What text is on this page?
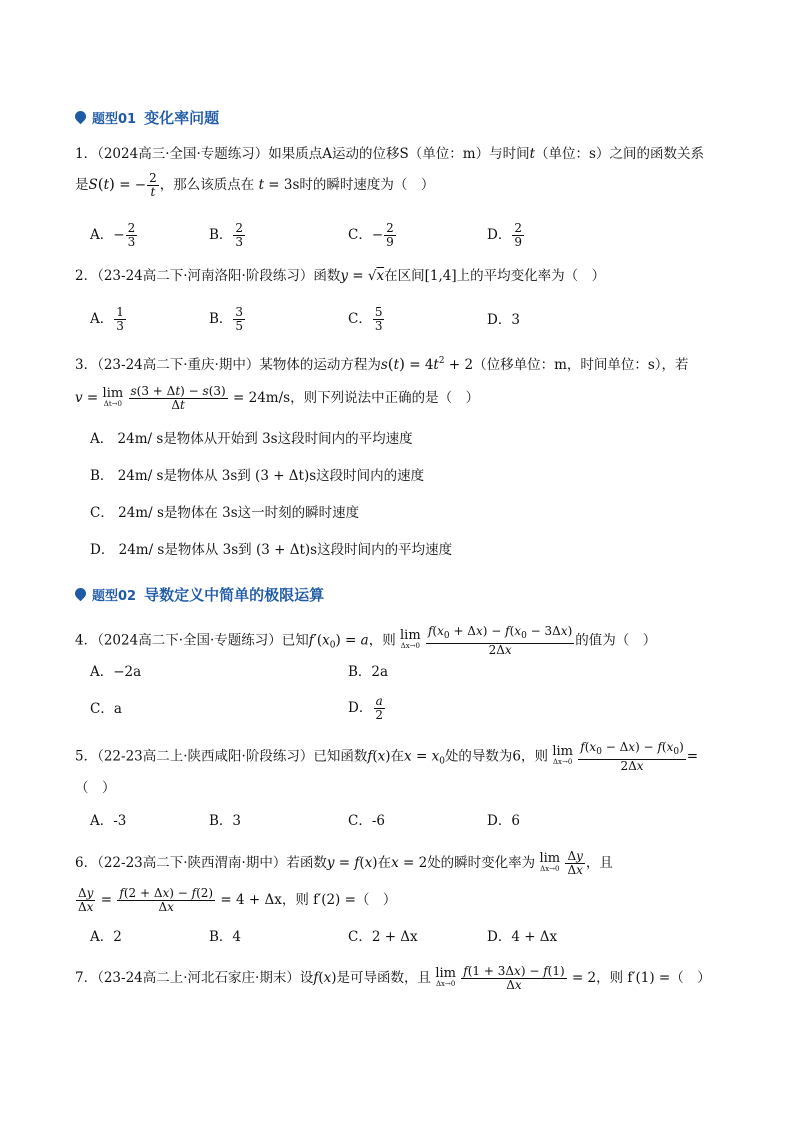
题型01 变化率问题
1．（2024高三·全国·专题练习）如果质点A运动的位移S（单位：m）与时间t（单位：s）之间的函数关系
是S(t) = − $\frac{2}{t}$ ，那么该质点在 t = 3s时的瞬时速度为（　）
A．− $\frac{2}{3}$	B． $\frac{2}{3}$	C．− $\frac{2}{9}$	D． $\frac{2}{9}$
2．（23-24高二下·河南洛阳·阶段练习）函数y = √x在区间[1,4]上的平均变化率为（　）
A． $\frac{1}{3}$	B． $\frac{3}{5}$	C． $\frac{5}{3}$	D．3
3．（23-24高二下·重庆·期中）某物体的运动方程为$s(t) = 4t^2 + 2$（位移单位：m，时间单位：s），若
v = lim
Δt→0
$\frac{s(3 + \Delta t) - s(3)}{\Delta t} = 24m/s$，则下列说法中正确的是（　）
A． 24m/ s是物体从开始到 3s这段时间内的平均速度
B． 24m/ s是物体从 3s到 (3 + Δt)s这段时间内的速度
C． 24m/ s是物体在 3s这一时刻的瞬时速度
D． 24m/ s是物体从 3s到 (3 + Δt)s这段时间内的平均速度
题型02 导数定义中简单的极限运算
4．（2024高二下·全国·专题练习）已知$f'(x_0) = a$，则 lim
Δx→0
$\frac{f(x_0 + \Delta x) - f(x_0 - 3\Delta x)}{2\Delta x}$ 的值为（　）
A．−2a	B．2a
C．a	D． $\frac{a}{2}$
5．（22-23高二上·陕西咸阳·阶段练习）已知函数f(x)在$x = x_0$处的导数为6，则 lim
Δx→0
$\frac{f(x_0 - \Delta x) - f(x_0)}{2\Delta x}$ =
（　）
A．-3	B．3	C．-6	D．6
6．（22-23高二下·陕西渭南·期中）若函数y = f(x)在x = 2处的瞬时变化率为 lim
Δx→0
$\frac{\Delta y}{\Delta x}$ ，且
$\frac{\Delta y}{\Delta x} = \frac{f(2 + \Delta x) - f(2)}{\Delta x} = 4 + \Delta x$，则 f′(2) =（　）
A．2	B．4	C．2 + Δx	D．4 + Δx
7．（23-24高二上·河北石家庄·期末）设f(x)是可导函数，且 lim
Δx→0
$\frac{f(1 + 3\Delta x) - f(1)}{\Delta x} = 2$，则 f′(1) =（　）
